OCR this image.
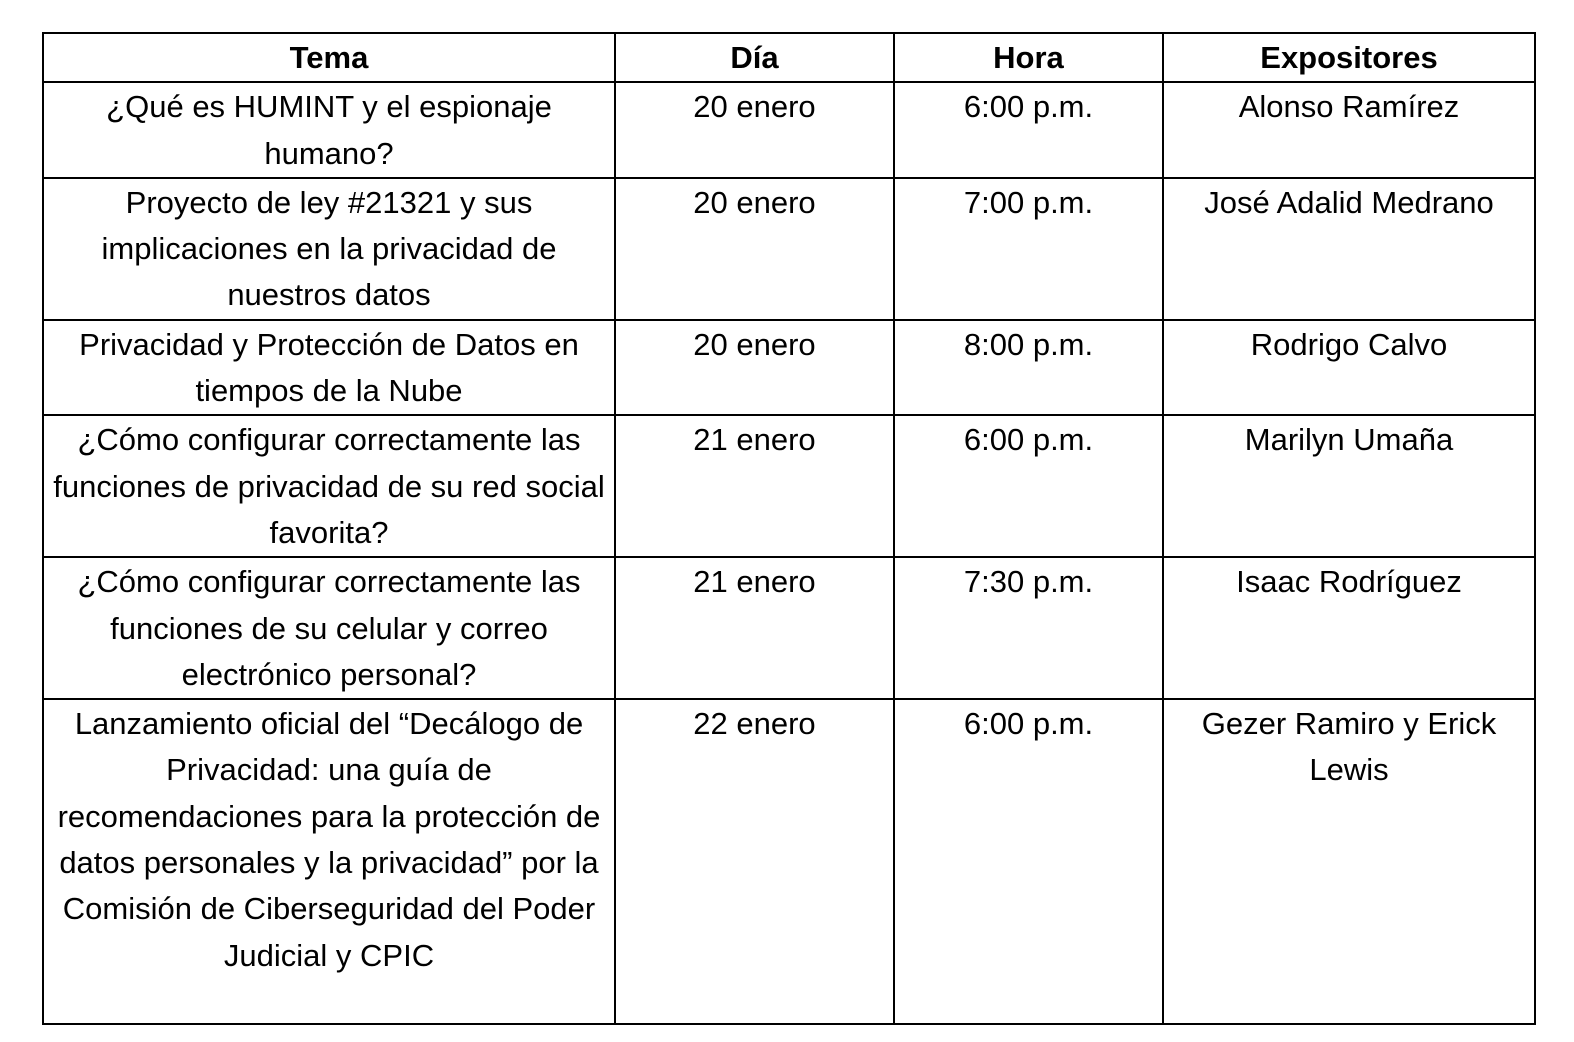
Tema	Día	Hora	Expositores
¿Qué es HUMINT y el espionaje humano?	20 enero	6:00 p.m.	Alonso Ramírez
Proyecto de ley #21321 y sus implicaciones en la privacidad de nuestros datos	20 enero	7:00 p.m.	José Adalid Medrano
Privacidad y Protección de Datos en tiempos de la Nube	20 enero	8:00 p.m.	Rodrigo Calvo
¿Cómo configurar correctamente las funciones de privacidad de su red social favorita?	21 enero	6:00 p.m.	Marilyn Umaña
¿Cómo configurar correctamente las funciones de su celular y correo electrónico personal?	21 enero	7:30 p.m.	Isaac Rodríguez
Lanzamiento oficial del “Decálogo de Privacidad: una guía de recomendaciones para la protección de datos personales y la privacidad” por la Comisión de Ciberseguridad del Poder Judicial y CPIC	22 enero	6:00 p.m.	Gezer Ramiro y Erick Lewis
